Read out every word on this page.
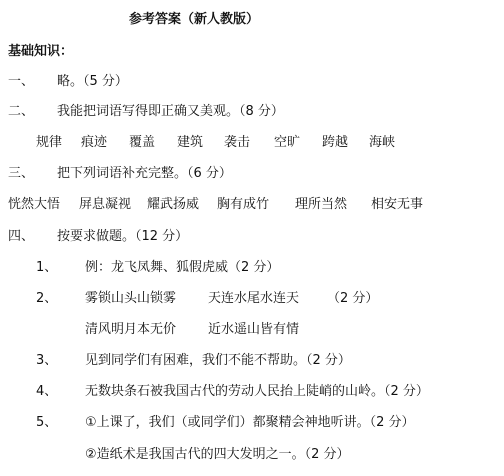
参考答案（新人教版）
基础知识：
一、 略。（5 分）
二、 我能把词语写得即正确又美观。（8 分）
规律 痕迹 覆盖 建筑 袭击 空旷 跨越 海峡
三、 把下列词语补充完整。（6 分）
恍然大悟 屏息凝视 耀武扬威 胸有成竹 理所当然 相安无事
四、 按要求做题。（12 分）
1、 例：龙飞凤舞、狐假虎威（2 分）
2、 雾锁山头山锁雾 天连水尾水连天 （2 分）
清风明月本无价 近水遥山皆有情
3、 见到同学们有困难，我们不能不帮助。（2 分）
4、 无数块条石被我国古代的劳动人民抬上陡峭的山岭。（2 分）
5、 ①上课了，我们（或同学们）都聚精会神地听讲。（2 分）
②造纸术是我国古代的四大发明之一。（2 分）
